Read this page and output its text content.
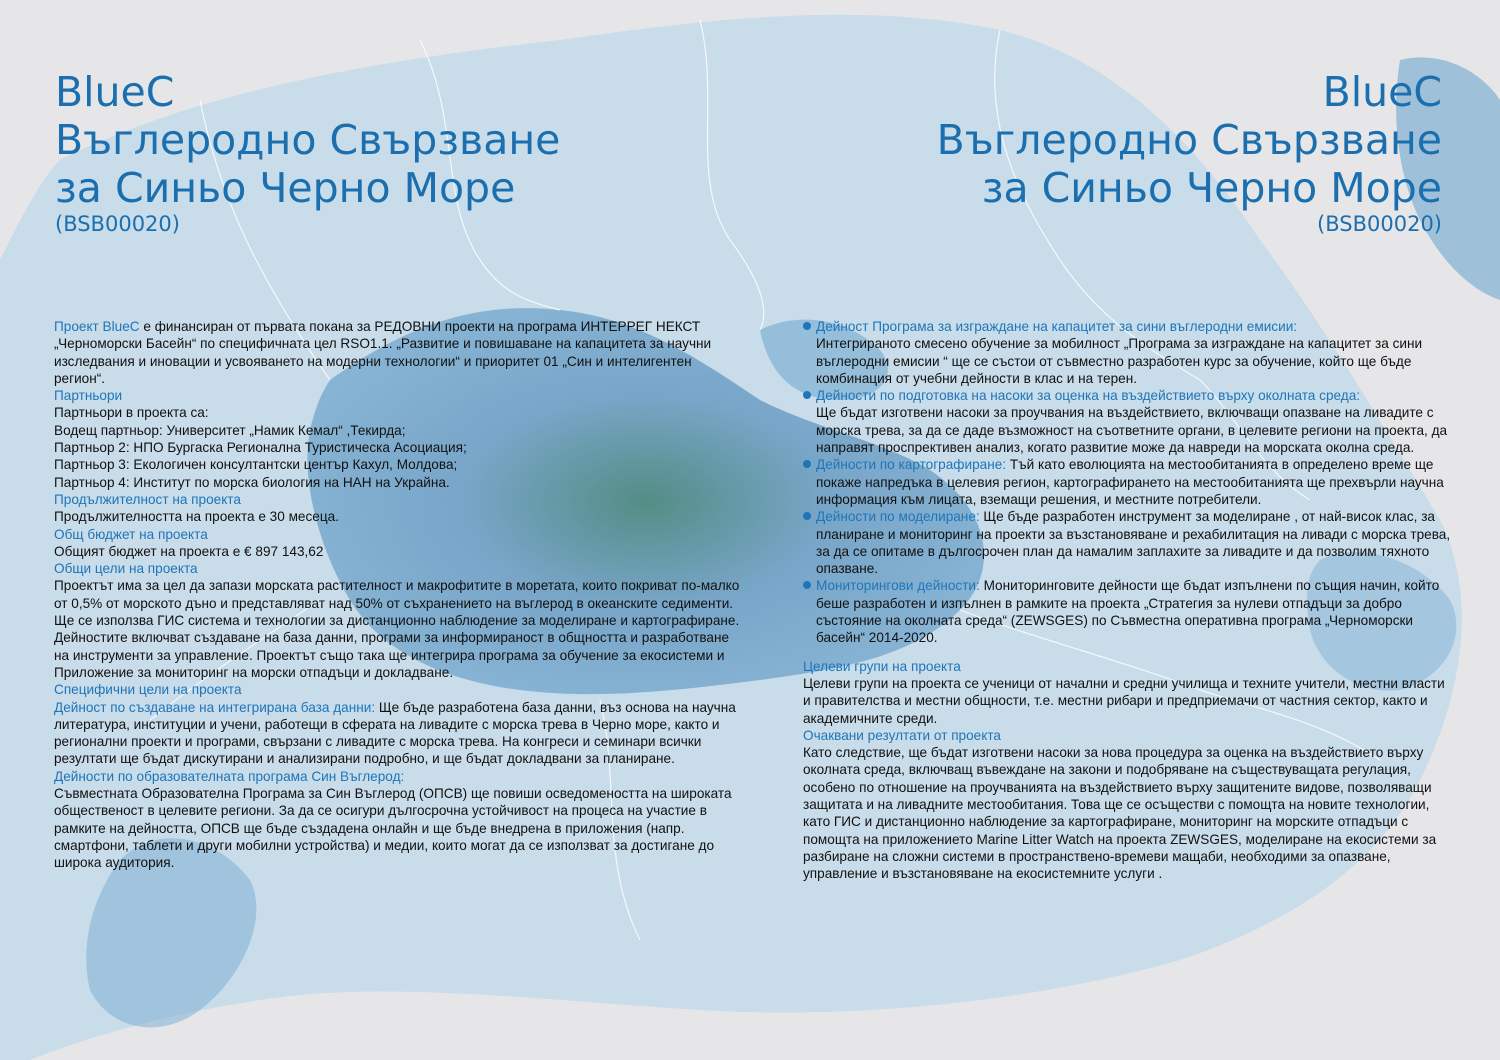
BlueC
Въглеродно Свързване
за Синьо Черно Море
(BSB00020)
BlueC
Въглеродно Свързване
за Синьо Черно Море
(BSB00020)

Проект BlueC е финансиран от първата покана за РЕДОВНИ проекти на програма ИНТЕРРЕГ НЕКСТ „Черноморски Басейн“ по специфичната цел RSO1.1. „Развитие и повишаване на капацитета за научни изследвания и иновации и усвояването на модерни технологии“ и приоритет 01 „Син и интелигентен регион“.

Партньори
Партньори в проекта са:
Водещ партньор: Университет „Намик Кемал“ ,Текирда;
Партньор 2: НПО Бургаска Регионална Туристическа Асоциация;
Партньор 3: Екологичен консултантски център Кахул, Молдова;
Партньор 4: Институт по морска биология на НАН на Украйна.
Продължителност на проекта
Продължителността на проекта е 30 месеца.
Общ бюджет на проекта
Общият бюджет на проекта е € 897 143,62
Общи цели на проекта

Проектът има за цел да запази морската растителност и макрофитите в моретата, които покриват по-малко от 0,5% от морското дъно и представляват над 50% от съхранението на въглерод в океанските седименти. Ще се използва ГИС система и технологии за дистанционно наблюдение за моделиране и картографиране. Дейностите включват създаване на база данни, програми за информираност в общността и разработване на инструменти за управление. Проектът също така ще интегрира програма за обучение за екосистеми и Приложение за мониторинг на морски отпадъци и докладване.

Специфични цели на проекта

Дейност по създаване на интегрирана база данни: Ще бъде разработена база данни, въз основа на научна литература, институции и учени, работещи в сферата на ливадите с морска трева в Черно море, както и регионални проекти и програми, свързани с ливадите с морска трева. На конгреси и семинари всички резултати ще бъдат дискутирани и анализирани подробно, и ще бъдат докладвани за планиране.

Дейности по образователната програма Син Въглерод:

Съвместната Образователна Програма за Син Въглерод (ОПСВ) ще повиши осведомеността на широката общественост в целевите региони. За да се осигури дългосрочна устойчивост на процеса на участие в рамките на дейността, ОПСВ ще бъде създадена онлайн и ще бъде внедрена в приложения (напр. смартфони, таблети и други мобилни устройства) и медии, които могат да се използват за достигане до широка аудитория.

Дейност Програма за изграждане на капацитет за сини въглеродни емисии:
Интегрираното смесено обучение за мобилност „Програма за изграждане на капацитет за сини въглеродни емисии “ ще се състои от съвместно разработен курс за обучение, който ще бъде комбинация от учебни дейности в клас и на терен.
Дейности по подготовка на насоки за оценка на въздействието върху околната среда:
Ще бъдат изготвени насоки за проучвания на въздействието, включващи опазване на ливадите с морска трева, за да се даде възможност на съответните органи, в целевите региони на проекта, да направят проспрективен анализ, когато развитие може да навреди на морската околна среда.
Дейности по картографиране: Тъй като еволюцията на местообитанията в определено време ще покаже напредъка в целевия регион, картографирането на местообитанията ще прехвърли научна информация към лицата, вземащи решения, и местните потребители.
Дейности по моделиране: Ще бъде разработен инструмент за моделиране , от най-висок клас, за планиране и мониторинг на проекти за възстановяване и рехабилитация на ливади с морска трева, за да се опитаме в дългосрочен план да намалим заплахите за ливадите и да позволим тяхното опазване.
Мониторингови дейности: Мониторинговите дейности ще бъдат изпълнени по същия начин, който беше разработен и изпълнен в рамките на проекта „Стратегия за нулеви отпадъци за добро състояние на околната среда“ (ZEWSGES) по Съвместна оперативна програма „Черноморски басейн“ 2014-2020.
Целеви групи на проекта

Целеви групи на проекта се ученици от начални и средни училища и техните учители, местни власти и правителства и местни общности, т.е. местни рибари и предприемачи от частния сектор, както и академичните среди.

Очаквани резултати от проекта

Като следствие, ще бъдат изготвени насоки за нова процедура за оценка на въздействието върху околната среда, включващ въвеждане на закони и подобряване на съществуващата регулация, особено по отношение на проучванията на въздействието върху защитените видове, позволяващи защитата и на ливадните местообитания. Това ще се осъществи с помощта на новите технологии, като ГИС и дистанционно наблюдение за картографиране, мониторинг на морските отпадъци с помощта на приложението Marine Litter Watch на проекта ZEWSGES, моделиране на екосистеми за разбиране на сложни системи в пространствено-времеви мащаби, необходими за опазване, управление и възстановяване на екосистемните услуги .
